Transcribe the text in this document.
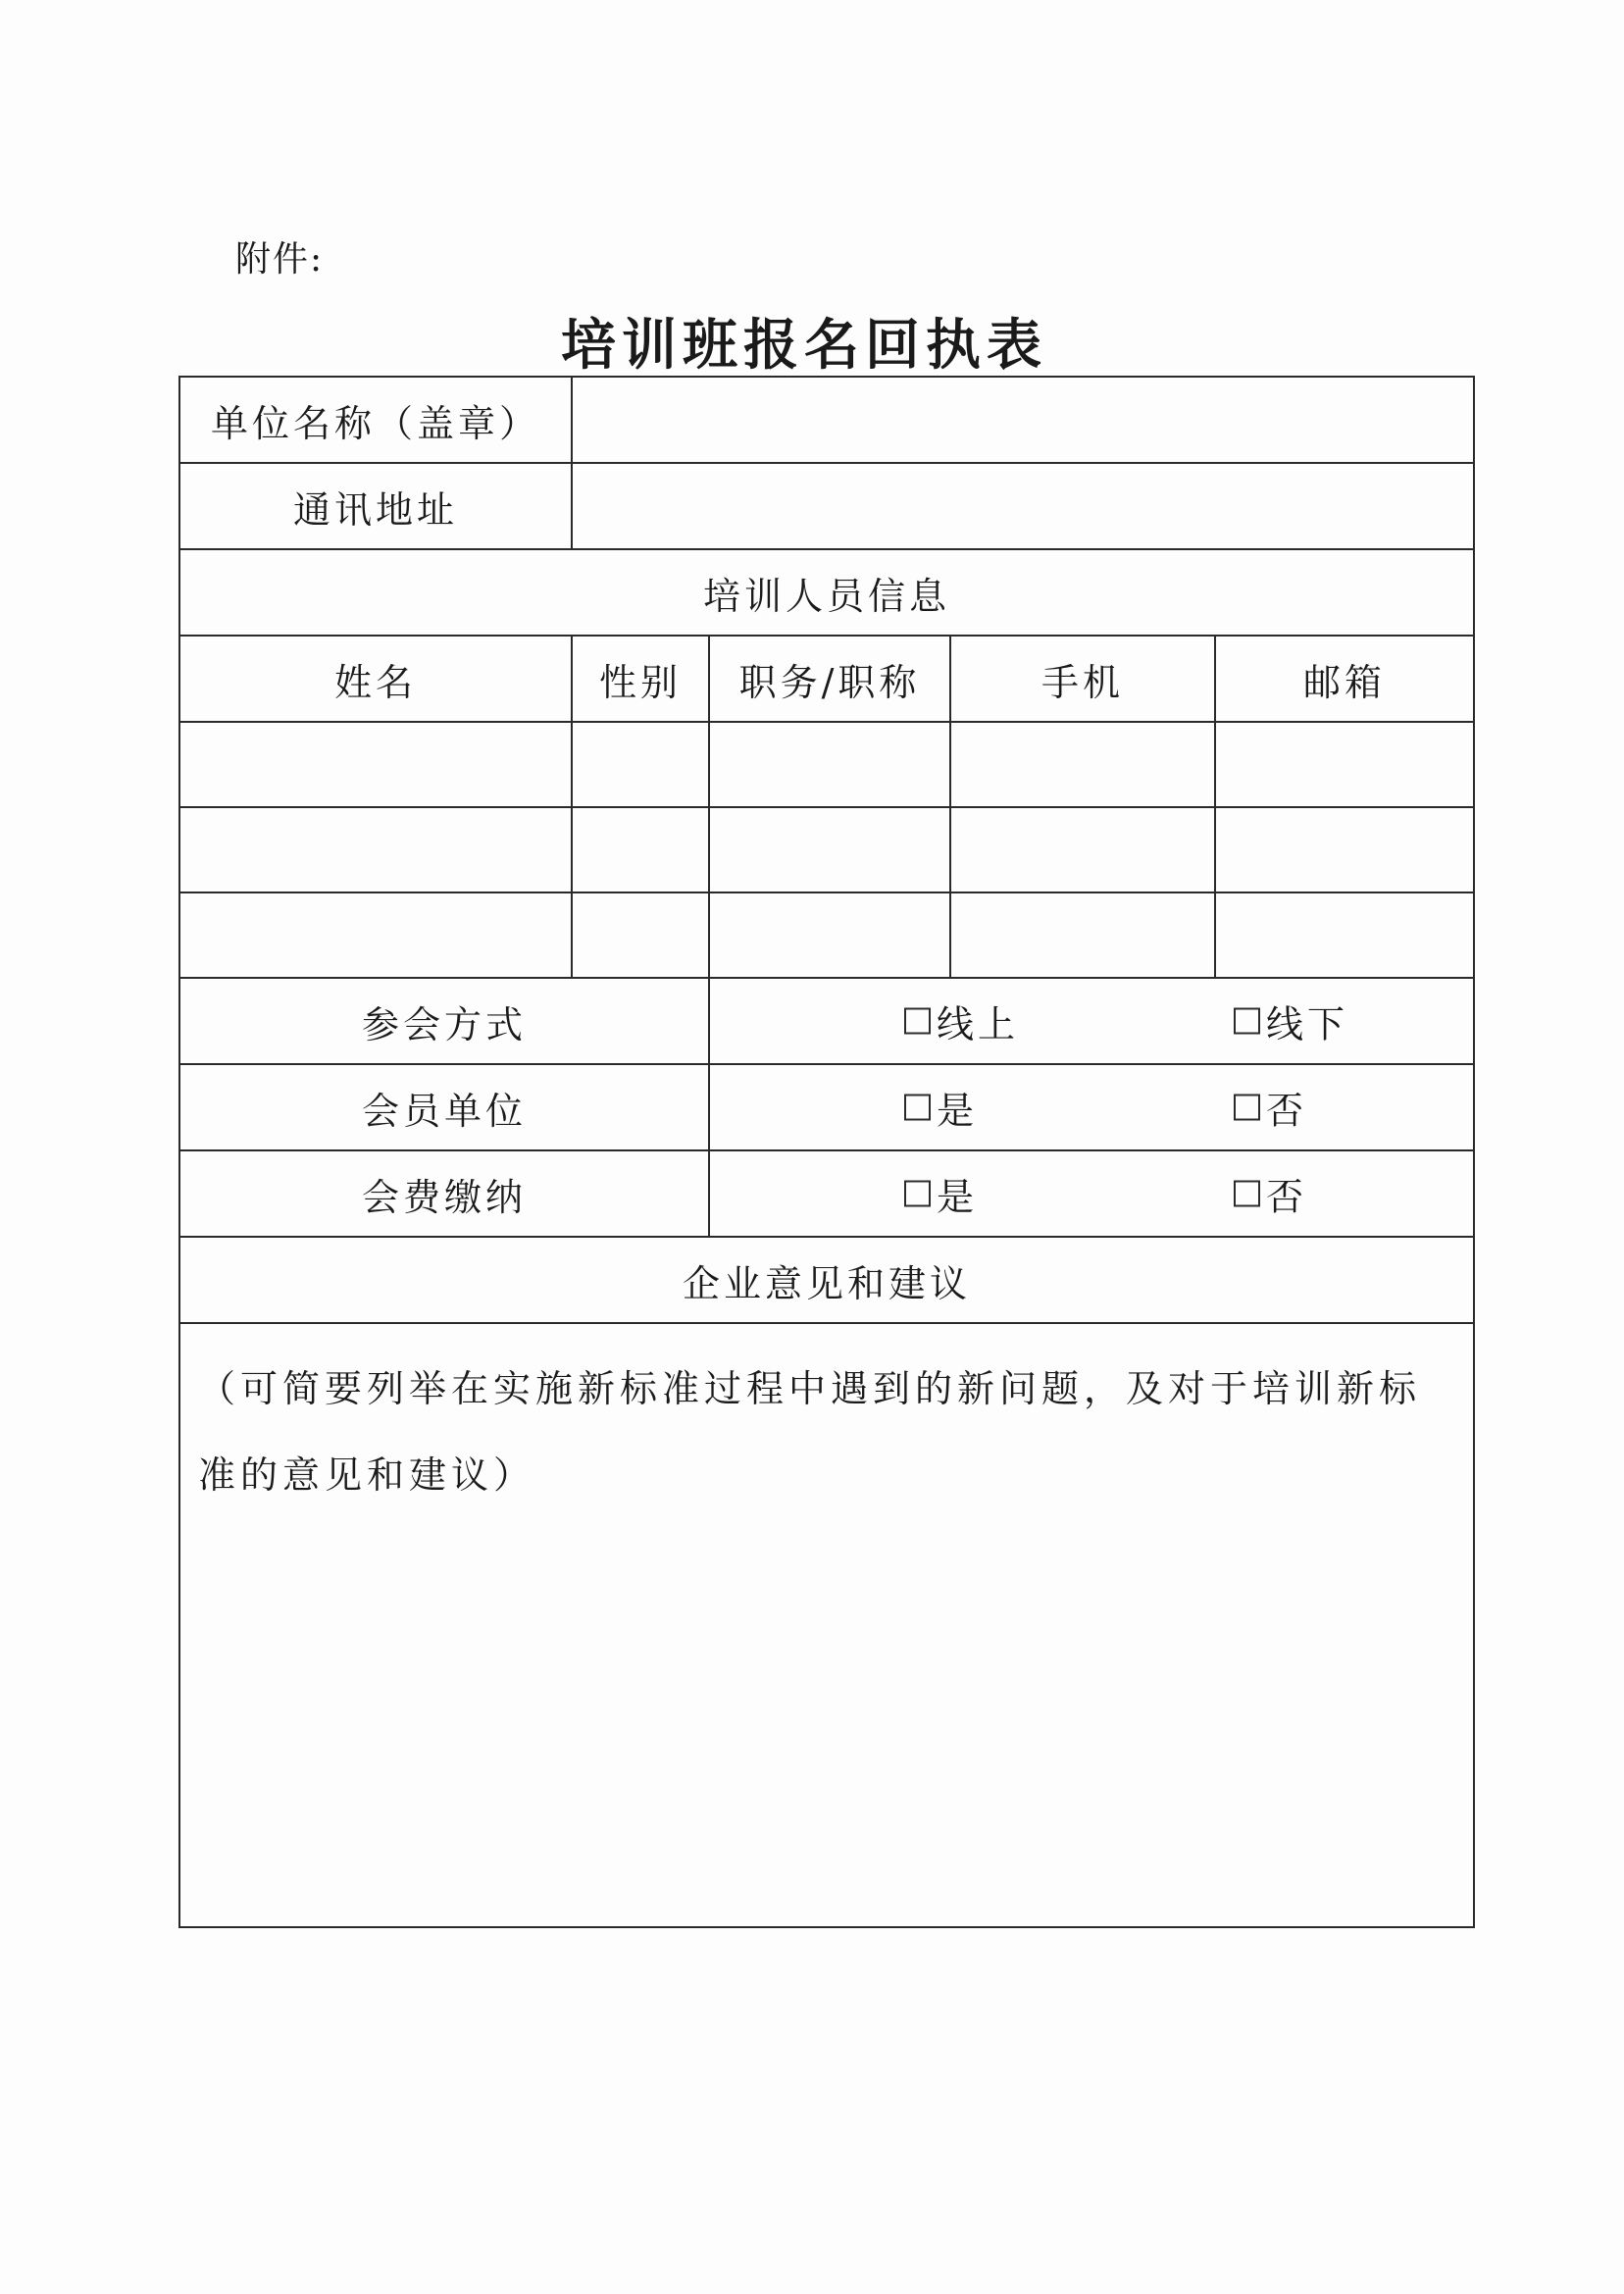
附件:
培训班报名回执表
单位名称（盖章）
通讯地址
培训人员信息
姓名	性别	职务/职称	手机	邮箱
参会方式	线上	线下
会员单位	是	否
会费缴纳	是	否
企业意见和建议
（可简要列举在实施新标准过程中遇到的新问题，及对于培训新标准的意见和建议）
